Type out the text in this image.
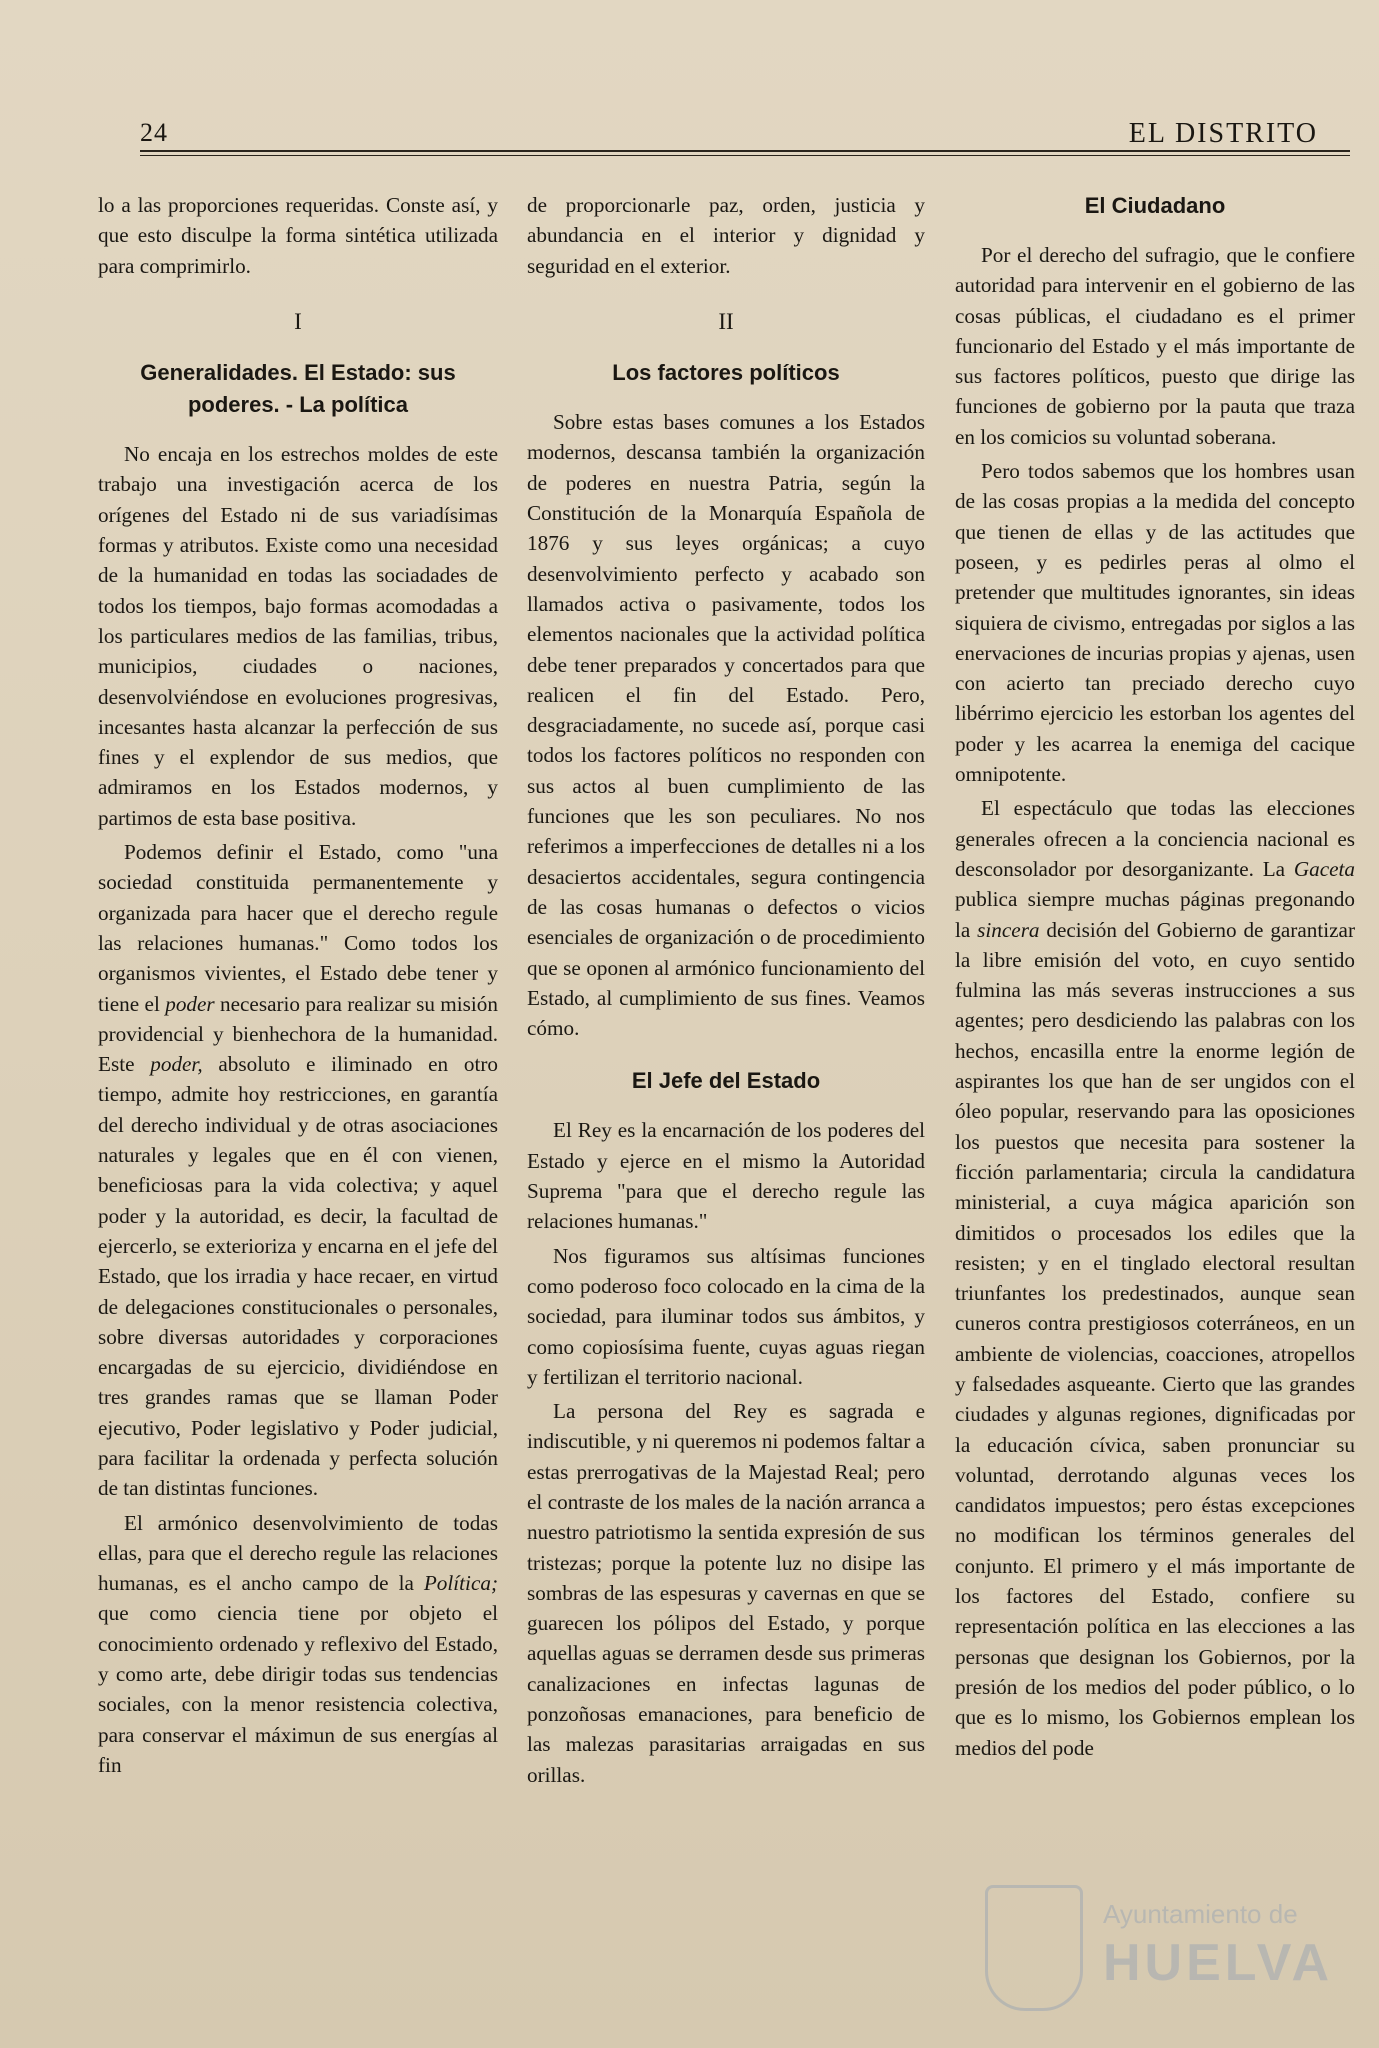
24	EL DISTRITO

lo a las proporciones requeridas. Conste así, y que esto disculpe la forma sintética utilizada para comprimirlo.

I
Generalidades. El Estado: sus poderes. - La política

No encaja en los estrechos moldes de este trabajo una investigación acerca de los orígenes del Estado ni de sus variadísimas formas y atributos. Existe como una necesidad de la humanidad en todas las sociadades de todos los tiempos, bajo formas acomodadas a los particulares medios de las familias, tribus, municipios, ciudades o naciones, desenvolviéndose en evoluciones progresivas, incesantes hasta alcanzar la perfección de sus fines y el explendor de sus medios, que admiramos en los Estados modernos, y partimos de esta base positiva.

Podemos definir el Estado, como "una sociedad constituida permanentemente y organizada para hacer que el derecho regule las relaciones humanas." Como todos los organismos vivientes, el Estado debe tener y tiene el poder necesario para realizar su misión providencial y bienhechora de la humanidad. Este poder, absoluto e iliminado en otro tiempo, admite hoy restricciones, en garantía del derecho individual y de otras asociaciones naturales y legales que en él con vienen, beneficiosas para la vida colectiva; y aquel poder y la autoridad, es decir, la facultad de ejercerlo, se exterioriza y encarna en el jefe del Estado, que los irradia y hace recaer, en virtud de delegaciones constitucionales o personales, sobre diversas autoridades y corporaciones encargadas de su ejercicio, dividiéndose en tres grandes ramas que se llaman Poder ejecutivo, Poder legislativo y Poder judicial, para facilitar la ordenada y perfecta solución de tan distintas funciones.

El armónico desenvolvimiento de todas ellas, para que el derecho regule las relaciones humanas, es el ancho campo de la Política; que como ciencia tiene por objeto el conocimiento ordenado y reflexivo del Estado, y como arte, debe dirigir todas sus tendencias sociales, con la menor resistencia colectiva, para conservar el máximun de sus energías al fin

de proporcionarle paz, orden, justicia y abundancia en el interior y dignidad y seguridad en el exterior.

II
Los factores políticos

Sobre estas bases comunes a los Estados modernos, descansa también la organización de poderes en nuestra Patria, según la Constitución de la Monarquía Española de 1876 y sus leyes orgánicas; a cuyo desenvolvimiento perfecto y acabado son llamados activa o pasivamente, todos los elementos nacionales que la actividad política debe tener preparados y concertados para que realicen el fin del Estado. Pero, desgraciadamente, no sucede así, porque casi todos los factores políticos no responden con sus actos al buen cumplimiento de las funciones que les son peculiares. No nos referimos a imperfecciones de detalles ni a los desaciertos accidentales, segura contingencia de las cosas humanas o defectos o vicios esenciales de organización o de procedimiento que se oponen al armónico funcionamiento del Estado, al cumplimiento de sus fines. Veamos cómo.

El Jefe del Estado

El Rey es la encarnación de los poderes del Estado y ejerce en el mismo la Autoridad Suprema "para que el derecho regule las relaciones humanas."

Nos figuramos sus altísimas funciones como poderoso foco colocado en la cima de la sociedad, para iluminar todos sus ámbitos, y como copiosísima fuente, cuyas aguas riegan y fertilizan el territorio nacional.

La persona del Rey es sagrada e indiscutible, y ni queremos ni podemos faltar a estas prerrogativas de la Majestad Real; pero el contraste de los males de la nación arranca a nuestro patriotismo la sentida expresión de sus tristezas; porque la potente luz no disipe las sombras de las espesuras y cavernas en que se guarecen los pólipos del Estado, y porque aquellas aguas se derramen desde sus primeras canalizaciones en infectas lagunas de ponzoñosas emanaciones, para beneficio de las malezas parasitarias arraigadas en sus orillas.

El Ciudadano

Por el derecho del sufragio, que le confiere autoridad para intervenir en el gobierno de las cosas públicas, el ciudadano es el primer funcionario del Estado y el más importante de sus factores políticos, puesto que dirige las funciones de gobierno por la pauta que traza en los comicios su voluntad soberana.

Pero todos sabemos que los hombres usan de las cosas propias a la medida del concepto que tienen de ellas y de las actitudes que poseen, y es pedirles peras al olmo el pretender que multitudes ignorantes, sin ideas siquiera de civismo, entregadas por siglos a las enervaciones de incurias propias y ajenas, usen con acierto tan preciado derecho cuyo libérrimo ejercicio les estorban los agentes del poder y les acarrea la enemiga del cacique omnipotente.

El espectáculo que todas las elecciones generales ofrecen a la conciencia nacional es desconsolador por desorganizante. La Gaceta publica siempre muchas páginas pregonando la sincera decisión del Gobierno de garantizar la libre emisión del voto, en cuyo sentido fulmina las más severas instrucciones a sus agentes; pero desdiciendo las palabras con los hechos, encasilla entre la enorme legión de aspirantes los que han de ser ungidos con el óleo popular, reservando para las oposiciones los puestos que necesita para sostener la ficción parlamentaria; circula la candidatura ministerial, a cuya mágica aparición son dimitidos o procesados los ediles que la resisten; y en el tinglado electoral resultan triunfantes los predestinados, aunque sean cuneros contra prestigiosos coterráneos, en un ambiente de violencias, coacciones, atropellos y falsedades asqueante. Cierto que las grandes ciudades y algunas regiones, dignificadas por la educación cívica, saben pronunciar su voluntad, derrotando algunas veces los candidatos impuestos; pero éstas excepciones no modifican los términos generales del conjunto. El primero y el más importante de los factores del Estado, confiere su representación política en las elecciones a las personas que designan los Gobiernos, por la presión de los medios del poder público, o lo que es lo mismo, los Gobiernos emplean los medios del pode

Ayuntamiento de
HUELVA
